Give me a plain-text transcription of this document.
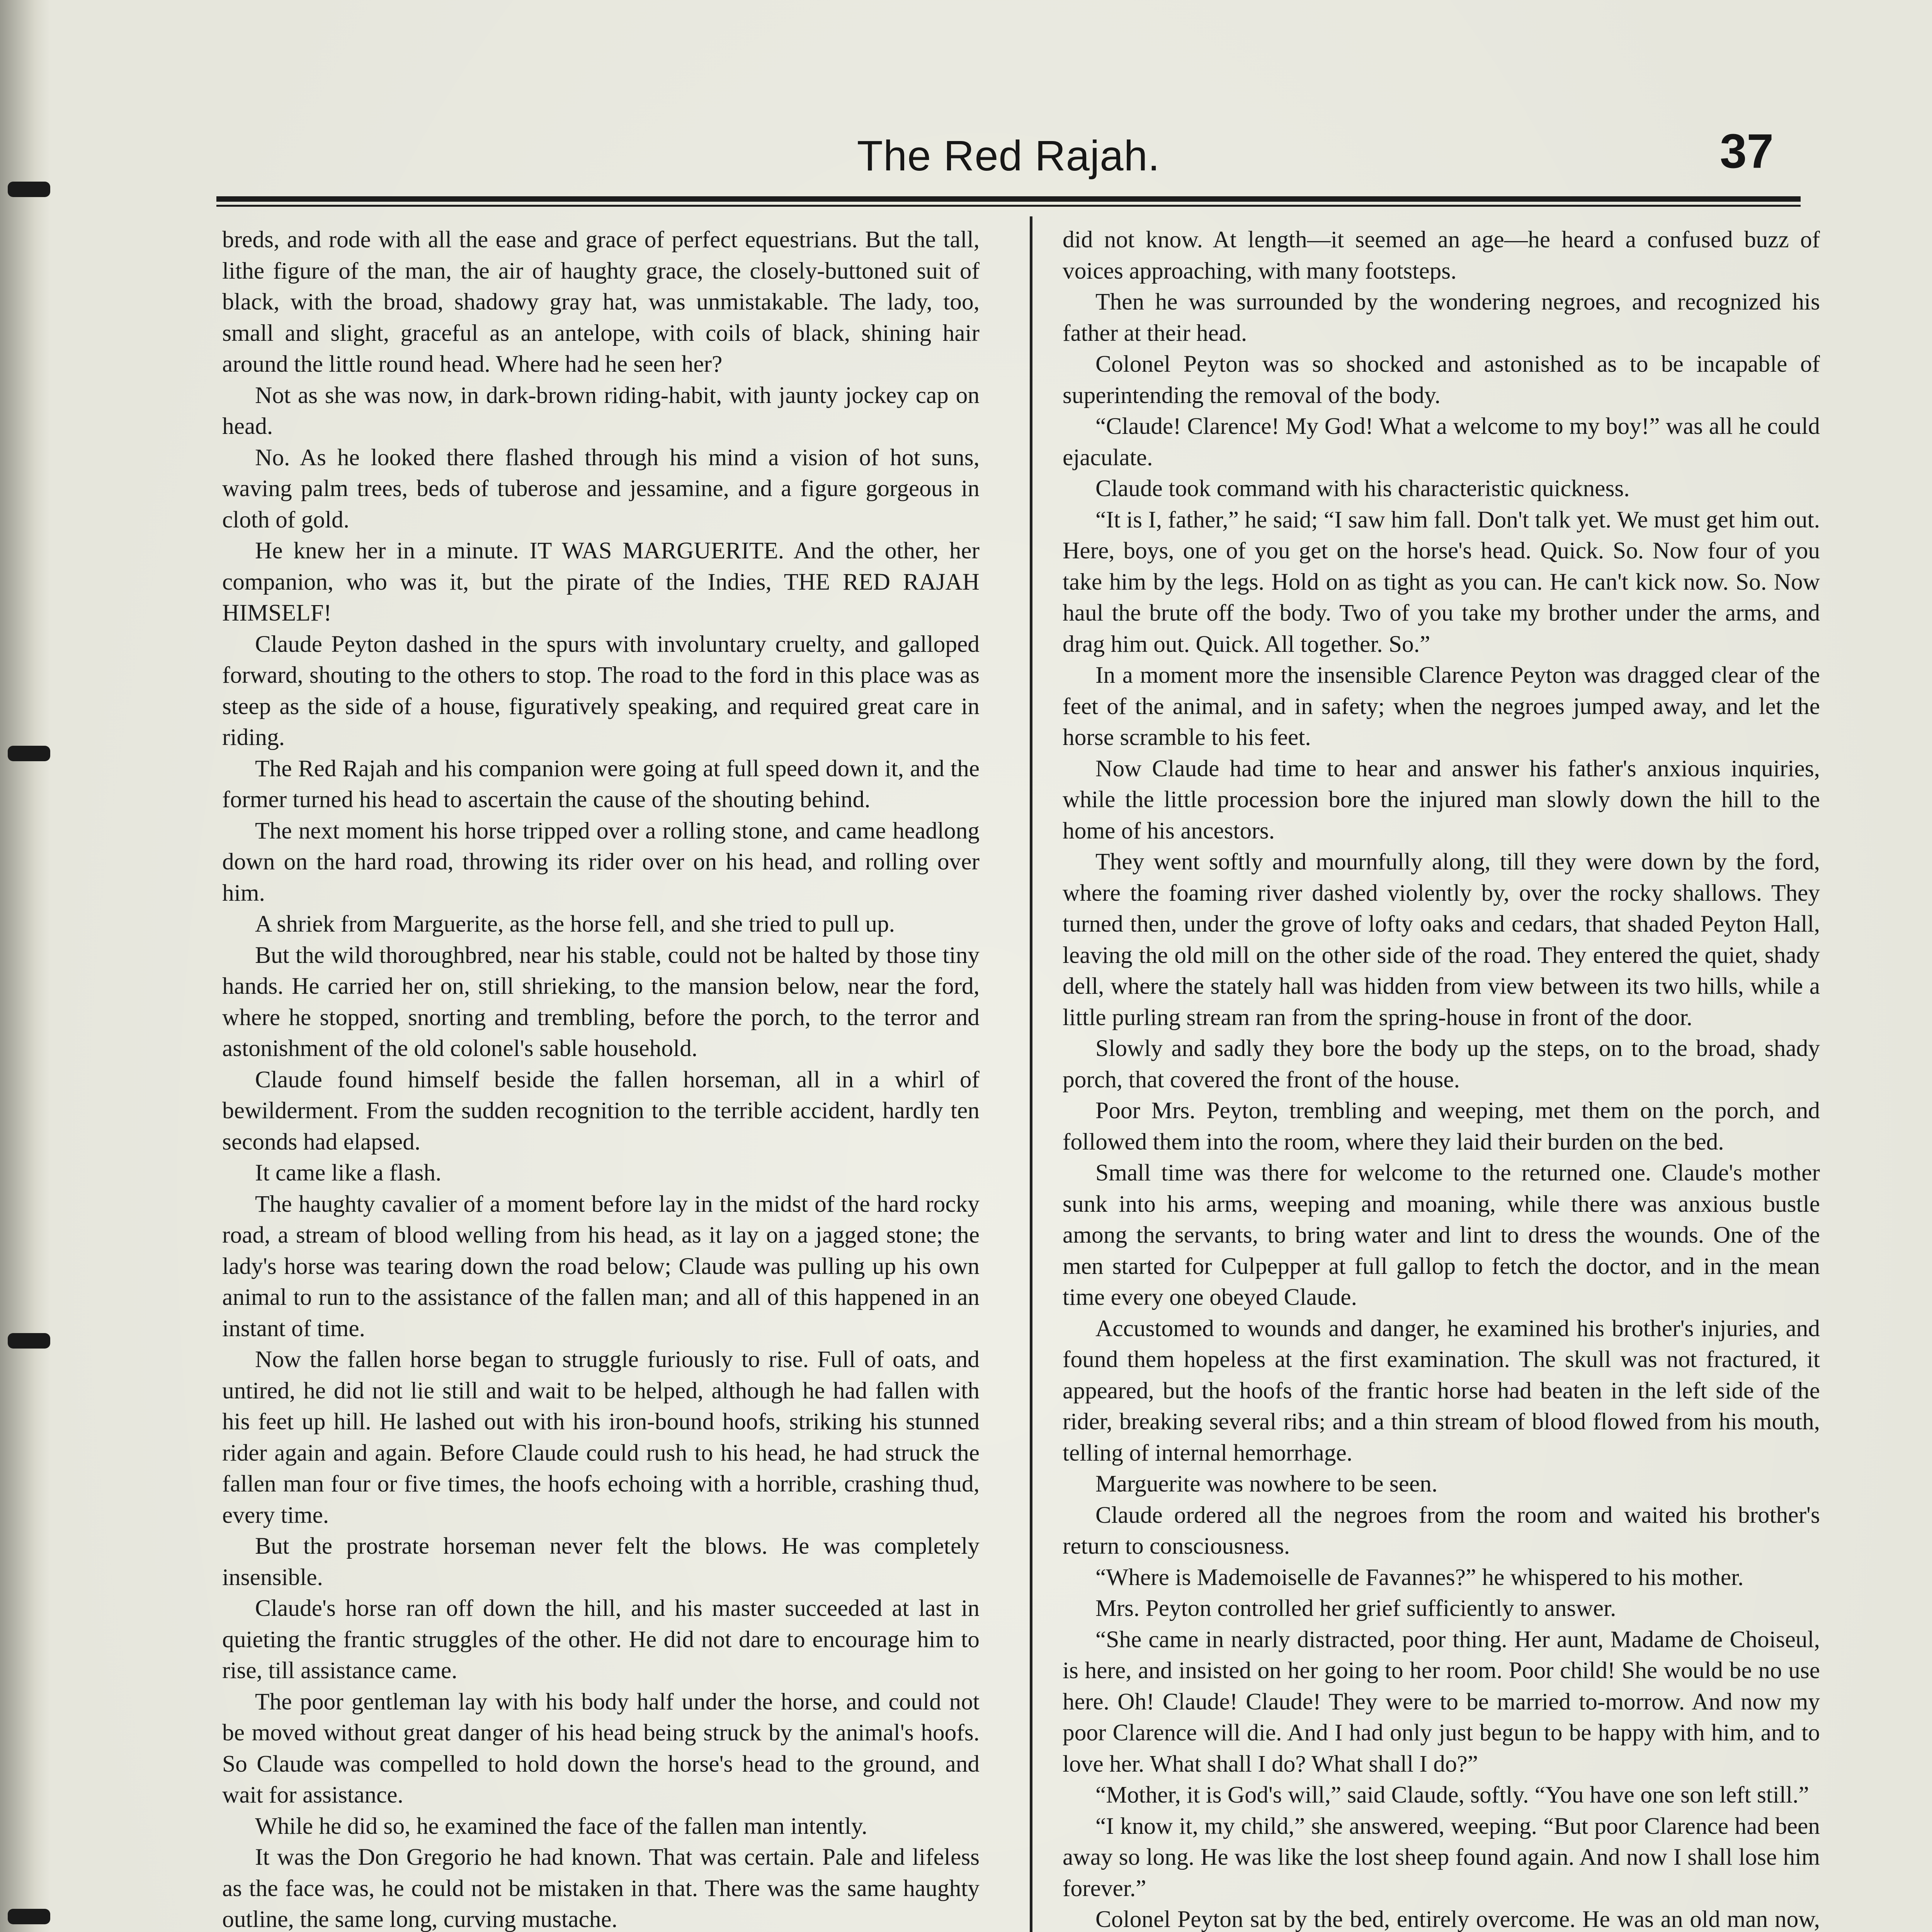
The Red Rajah.	37

breds, and rode with all the ease and grace of perfect equestrians. But the tall, lithe figure of the man, the air of haughty grace, the closely-buttoned suit of black, with the broad, shadowy gray hat, was unmistakable. The lady, too, small and slight, graceful as an antelope, with coils of black, shining hair around the little round head. Where had he seen her?

Not as she was now, in dark-brown riding-habit, with jaunty jockey cap on head.

No. As he looked there flashed through his mind a vision of hot suns, waving palm trees, beds of tuberose and jessamine, and a figure gorgeous in cloth of gold.

He knew her in a minute. IT WAS MARGUERITE. And the other, her companion, who was it, but the pirate of the Indies, THE RED RAJAH HIMSELF!

Claude Peyton dashed in the spurs with involuntary cruelty, and galloped forward, shouting to the others to stop. The road to the ford in this place was as steep as the side of a house, figuratively speaking, and required great care in riding.

The Red Rajah and his companion were going at full speed down it, and the former turned his head to ascertain the cause of the shouting behind.

The next moment his horse tripped over a rolling stone, and came headlong down on the hard road, throwing its rider over on his head, and rolling over him.

A shriek from Marguerite, as the horse fell, and she tried to pull up.

But the wild thoroughbred, near his stable, could not be halted by those tiny hands. He carried her on, still shrieking, to the mansion below, near the ford, where he stopped, snorting and trembling, before the porch, to the terror and astonishment of the old colonel's sable household.

Claude found himself beside the fallen horseman, all in a whirl of bewilderment. From the sudden recognition to the terrible accident, hardly ten seconds had elapsed.

It came like a flash.

The haughty cavalier of a moment before lay in the midst of the hard rocky road, a stream of blood welling from his head, as it lay on a jagged stone; the lady's horse was tearing down the road below; Claude was pulling up his own animal to run to the assistance of the fallen man; and all of this happened in an instant of time.

Now the fallen horse began to struggle furiously to rise. Full of oats, and untired, he did not lie still and wait to be helped, although he had fallen with his feet up hill. He lashed out with his iron-bound hoofs, striking his stunned rider again and again. Before Claude could rush to his head, he had struck the fallen man four or five times, the hoofs echoing with a horrible, crashing thud, every time.

But the prostrate horseman never felt the blows. He was completely insensible.

Claude's horse ran off down the hill, and his master succeeded at last in quieting the frantic struggles of the other. He did not dare to encourage him to rise, till assistance came.

The poor gentleman lay with his body half under the horse, and could not be moved without great danger of his head being struck by the animal's hoofs. So Claude was compelled to hold down the horse's head to the ground, and wait for assistance.

While he did so, he examined the face of the fallen man intently.

It was the Don Gregorio he had known. That was certain. Pale and lifeless as the face was, he could not be mistaken in that. There was the same haughty outline, the same long, curving mustache.

did not know. At length—it seemed an age—he heard a confused buzz of voices approaching, with many footsteps.

Then he was surrounded by the wondering negroes, and recognized his father at their head.

Colonel Peyton was so shocked and astonished as to be incapable of superintending the removal of the body.

“Claude! Clarence! My God! What a welcome to my boy!” was all he could ejaculate.

Claude took command with his characteristic quickness.

“It is I, father,” he said; “I saw him fall. Don't talk yet. We must get him out. Here, boys, one of you get on the horse's head. Quick. So. Now four of you take him by the legs. Hold on as tight as you can. He can't kick now. So. Now haul the brute off the body. Two of you take my brother under the arms, and drag him out. Quick. All together. So.”

In a moment more the insensible Clarence Peyton was dragged clear of the feet of the animal, and in safety; when the negroes jumped away, and let the horse scramble to his feet.

Now Claude had time to hear and answer his father's anxious inquiries, while the little procession bore the injured man slowly down the hill to the home of his ancestors.

They went softly and mournfully along, till they were down by the ford, where the foaming river dashed violently by, over the rocky shallows. They turned then, under the grove of lofty oaks and cedars, that shaded Peyton Hall, leaving the old mill on the other side of the road. They entered the quiet, shady dell, where the stately hall was hidden from view between its two hills, while a little purling stream ran from the spring-house in front of the door.

Slowly and sadly they bore the body up the steps, on to the broad, shady porch, that covered the front of the house.

Poor Mrs. Peyton, trembling and weeping, met them on the porch, and followed them into the room, where they laid their burden on the bed.

Small time was there for welcome to the returned one. Claude's mother sunk into his arms, weeping and moaning, while there was anxious bustle among the servants, to bring water and lint to dress the wounds. One of the men started for Culpepper at full gallop to fetch the doctor, and in the mean time every one obeyed Claude.

Accustomed to wounds and danger, he examined his brother's injuries, and found them hopeless at the first examination. The skull was not fractured, it appeared, but the hoofs of the frantic horse had beaten in the left side of the rider, breaking several ribs; and a thin stream of blood flowed from his mouth, telling of internal hemorrhage.

Marguerite was nowhere to be seen.

Claude ordered all the negroes from the room and waited his brother's return to consciousness.

“Where is Mademoiselle de Favannes?” he whispered to his mother.

Mrs. Peyton controlled her grief sufficiently to answer.

“She came in nearly distracted, poor thing. Her aunt, Madame de Choiseul, is here, and insisted on her going to her room. Poor child! She would be no use here. Oh! Claude! Claude! They were to be married to-morrow. And now my poor Clarence will die. And I had only just begun to be happy with him, and to love her. What shall I do? What shall I do?”

“Mother, it is God's will,” said Claude, softly. “You have one son left still.”

“I know it, my child,” she answered, weeping. “But poor Clarence had been away so long. He was like the lost sheep found again. And now I shall lose him forever.”

Colonel Peyton sat by the bed, entirely overcome. He was an old man now,
